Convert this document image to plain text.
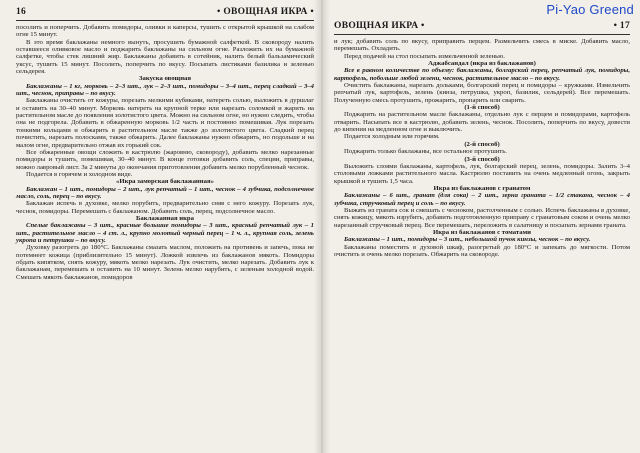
16	• ОВОЩНАЯ ИКРА •

посолить и поперчить. Добавить помидоры, оливки и каперсы, тушить с открытой крышкой на слабом огне 15 минут.

В это время баклажаны немного вынуть, просушить бумажной салфеткой. В сковороду налить оставшееся оливковое масло и поджарить баклажаны на сильном огне. Разложить их на бумажной салфетке, чтобы стек лишний жир. Баклажаны добавить в сотейник, налить белый бальзамический уксус, тушить 15 минут. Посолить, поперчить по вкусу. Посыпать листиками базилика и зеленью сельдерея.

Закуска овощная

Баклажаны – 1 кг, морковь – 2–3 шт., лук – 2–3 шт., помидоры – 3–4 шт., перец сладкий – 3–4 шт., чеснок, приправы – по вкусу.

Баклажаны очистить от кожуры, порезать мелкими кубиками, натереть солью, выложить в дуршлаг и оставить на 30–40 минут. Морковь натереть на крупной терке или нарезать соломкой и жарить на растительном масле до появления золотистого цвета. Можно на сильном огне, но нужно следить, чтобы она не подгорела. Добавить в обжаренную морковь 1/2 часть и постоянно помешивая. Лук порезать тонкими кольцами и обжарить в растительном масле также до золотистого цвета. Сладкий перец почистить, нарезать полосками, также обжарить. Далее баклажаны нужно обжарить, но подольше и на малом огне, предварительно отжав их горький сок.

Все обжаренные овощи сложить в кастрюлю (жаровню, сковороду), добавить мелко нарезанные помидоры и тушить, помешивая, 30–40 минут. В конце готовки добавить соль, специи, приправы, можно лавровый лист. За 2 минуты до окончания приготовления добавить мелко порубленный чеснок.

Подается в горячем и холодном виде.

«Икра заморская баклажанная»

Баклажан – 1 шт., помидоры – 2 шт., лук репчатый – 1 шт., чеснок – 4 зубчика, подсолнечное масло, соль, перец – по вкусу.

Баклажан испечь в духовке, мелко порубить, предварительно сняв с него кожуру. Порезать лук, чеснок, помидоры. Перемешать с баклажаном. Добавить соль, перец, подсолнечное масло.

Баклажанная икра

Спелые баклажаны – 3 шт., красные большие помидоры – 3 шт., красный репчатый лук – 1 шт., растительное масло – 4 ст. л., крупно молотый черный перец – 1 ч. л., крупная соль, зелень укропа и петрушки – по вкусу.

Духовку разогреть до 180°С. Баклажаны смазать маслом, положить на противень и запечь, пока не потемнеет кожица (приблизительно 15 минут). Ложкой извлечь из баклажанов мякоть. Помидоры обдать кипятком, снять кожуру, мякоть мелко нарезать. Лук очистить, мелко нарезать. Добавить лук к баклажанам, перемешать и оставить на 10 минут. Зелень мелко нарубить, с зеленым холодной водой. Смешать мякоть баклажанов, помидоров

ОВОЩНАЯ ИКРА •	• 17

и лук; добавить соль по вкусу, приправить перцем. Размельчить смесь в миске. Добавить масло, перемешать. Охладить.

Перед подачей на стол посыпать измельченной зеленью.

Аджабсандал (икра из баклажанов)

Все в равном количестве по объему: баклажаны, болгарский перец, репчатый лук, помидоры, картофель, побольше любой зелени, чеснок, растительное масло – по вкусу.

Очистить баклажаны, нарезать дольками, болгарский перец и помидоры – кружками. Измельчить репчатый лук, картофель, зелень (кинза, петрушка, укроп, базилик, сельдерей). Все перемешать. Полученную смесь протушить, прожарить, пропарить или сварить.

(1-й способ)

Поджарить на растительном масле баклажаны, отдельно лук с перцем и помидорами, картофель отварить. Насыпать все в кастрюлю, добавить зелень, чеснок. Посолить, поперчить по вкусу, довести до кипения на медленном огне и выключить.

Подается холодным или горячим.

(2-й способ)

Поджарить только баклажаны, все остальное протушить.

(3-й способ)

Выложить слоями баклажаны, картофель, лук, болгарский перец, зелень, помидоры. Залить 3–4 столовыми ложками растительного масла. Кастрюлю поставить на очень медленный огонь, закрыть крышкой и тушить 1,5 часа.

Икра из баклажанов с гранатом

Баклажаны – 6 шт., гранат (для сока) – 2 шт., зерна граната – 1/2 стакана, чеснок – 4 зубчика, стручковый перец и соль – по вкусу.

Выжать из граната сок и смешать с чесноком, растолченным с солью. Испечь баклажаны в духовке, снять кожицу, мякоть изрубить, добавить подготовленную приправу с гранатовым соком и очень мелко нарезанный стручковый перец. Все перемешать, переложить в салатницу и посыпать зернами граната.

Икра из баклажанов с томатами

Баклажаны – 1 шт., помидоры – 3 шт., небольшой пучок кинзы, чеснок – по вкусу.

Баклажаны поместить в духовой шкаф, разогретый до 180°С и запекать до мягкости. Потом очистить и очень мелко порезать. Обжарить на сковороде.

Pi-Yao Greend
